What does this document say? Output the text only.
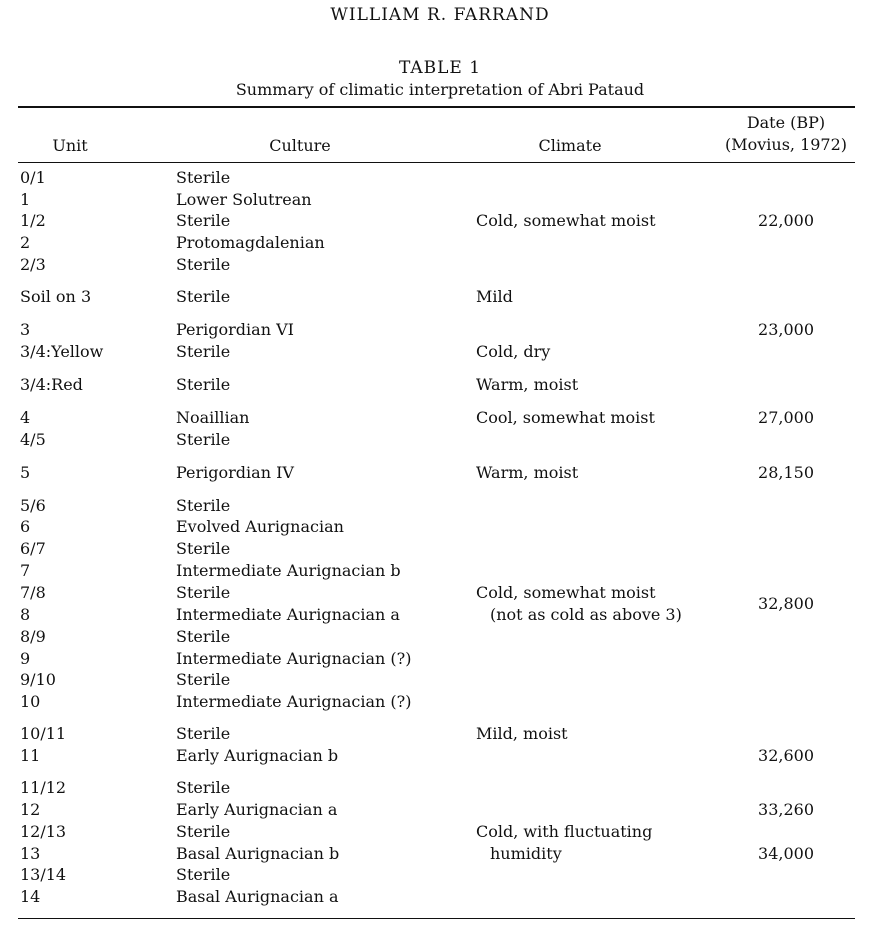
WILLIAM R. FARRAND
TABLE 1
Summary of climatic interpretation of Abri Pataud
Unit	Culture	Climate
Date (BP)
(Movius, 1972)
0/1
1
1/2
2
2/3
Soil on 3
3
3/4:Yellow
3/4:Red
4
4/5
5
5/6
6
6/7
7
7/8
8
8/9
9
9/10
10
10/11
11
11/12
12
12/13
13
13/14
14
Sterile
Lower Solutrean
Sterile
Protomagdalenian
Sterile
Sterile
Perigordian VI
Sterile
Sterile
Noaillian
Sterile
Perigordian IV
Sterile
Evolved Aurignacian
Sterile
Intermediate Aurignacian b
Sterile
Intermediate Aurignacian a
Sterile
Intermediate Aurignacian (?)
Sterile
Intermediate Aurignacian (?)
Sterile
Early Aurignacian b
Sterile
Early Aurignacian a
Sterile
Basal Aurignacian b
Sterile
Basal Aurignacian a
Cold, somewhat moist
Mild
Cold, dry
Warm, moist
Cool, somewhat moist
Warm, moist
Cold, somewhat moist
(not as cold as above 3)
Mild, moist
Cold, with fluctuating
humidity
22,000
23,000
27,000
28,150
32,800
32,600
33,260
34,000
